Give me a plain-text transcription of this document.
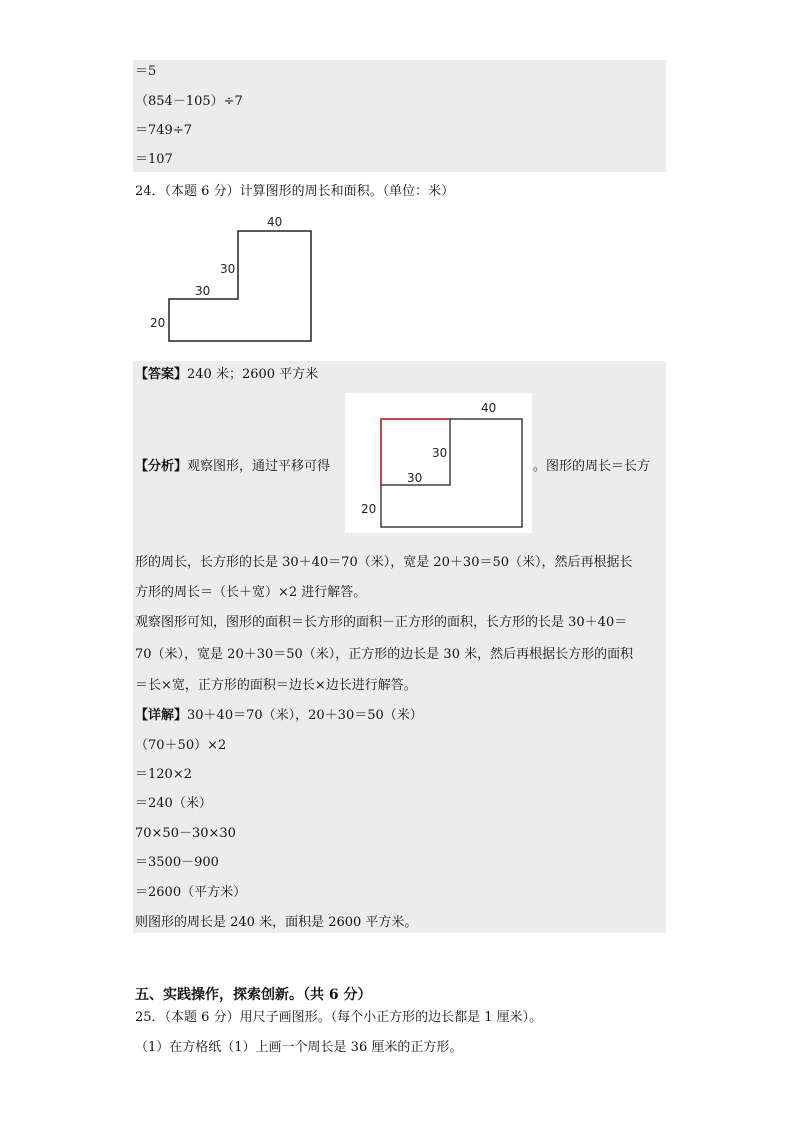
＝5
（854－105）÷7
＝749÷7
＝107
24．（本题 6 分）计算图形的周长和面积。（单位：米）
40
30
30
20
【答案】240 米；2600 平方米
【分析】观察图形，通过平移可得
40
30
30
20
。图形的周长＝长方
形的周长，长方形的长是 30＋40＝70（米），宽是 20＋30＝50（米），然后再根据长
方形的周长＝（长＋宽）×2 进行解答。
观察图形可知，图形的面积＝长方形的面积－正方形的面积，长方形的长是 30＋40＝
70（米），宽是 20＋30＝50（米），正方形的边长是 30 米，然后再根据长方形的面积
＝长×宽，正方形的面积＝边长×边长进行解答。
【详解】30＋40＝70（米），20＋30＝50（米）
（70＋50）×2
＝120×2
＝240（米）
70×50－30×30
＝3500－900
＝2600（平方米）
则图形的周长是 240 米，面积是 2600 平方米。
五、实践操作，探索创新。（共 6 分）
25．（本题 6 分）用尺子画图形。（每个小正方形的边长都是 1 厘米）。
（1）在方格纸（1）上画一个周长是 36 厘米的正方形。
